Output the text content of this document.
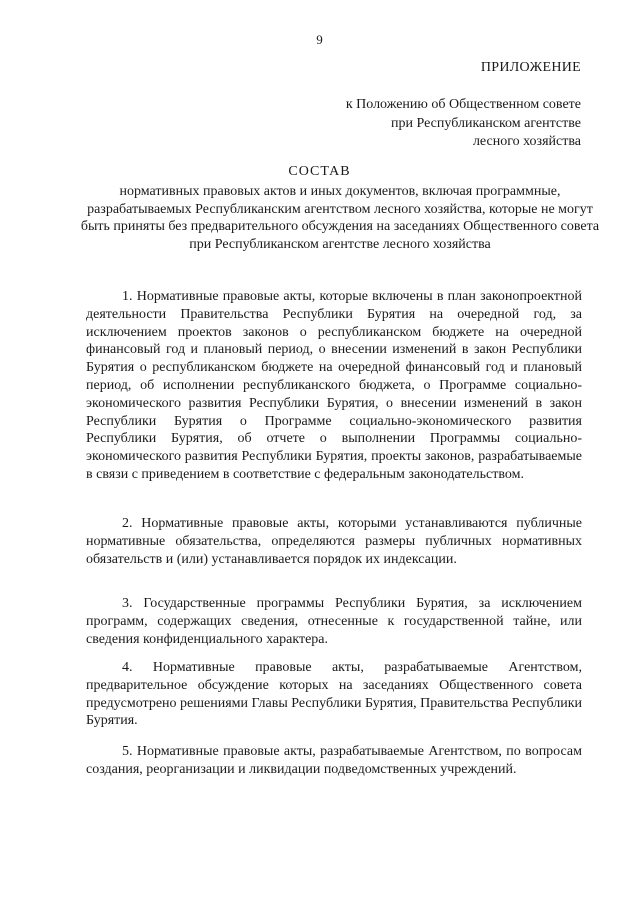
9
ПРИЛОЖЕНИЕ
к Положению об Общественном совете при Республиканском агентстве лесного хозяйства
СОСТАВ
нормативных правовых актов и иных документов, включая программные, разрабатываемых Республиканским агентством лесного хозяйства, которые не могут быть приняты без предварительного обсуждения на заседаниях Общественного совета при Республиканском агентстве лесного хозяйства
1. Нормативные правовые акты, которые включены в план законопроектной деятельности Правительства Республики Бурятия на очередной год, за исключением проектов законов о республиканском бюджете на очередной финансовый год и плановый период, о внесении изменений в закон Республики Бурятия о республиканском бюджете на очередной финансовый год и плановый период, об исполнении республиканского бюджета, о Программе социально-экономического развития Республики Бурятия, о внесении изменений в закон Республики Бурятия о Программе социально-экономического развития Республики Бурятия, об отчете о выполнении Программы социально-экономического развития Республики Бурятия, проекты законов, разрабатываемые в связи с приведением в соответствие с федеральным законодательством.
2. Нормативные правовые акты, которыми устанавливаются публичные нормативные обязательства, определяются размеры публичных нормативных обязательств и (или) устанавливается порядок их индексации.
3. Государственные программы Республики Бурятия, за исключением программ, содержащих сведения, отнесенные к государственной тайне, или сведения конфиденциального характера.
4. Нормативные правовые акты, разрабатываемые Агентством, предварительное обсуждение которых на заседаниях Общественного совета предусмотрено решениями Главы Республики Бурятия, Правительства Республики Бурятия.
5. Нормативные правовые акты, разрабатываемые Агентством, по вопросам создания, реорганизации и ликвидации подведомственных учреждений.
